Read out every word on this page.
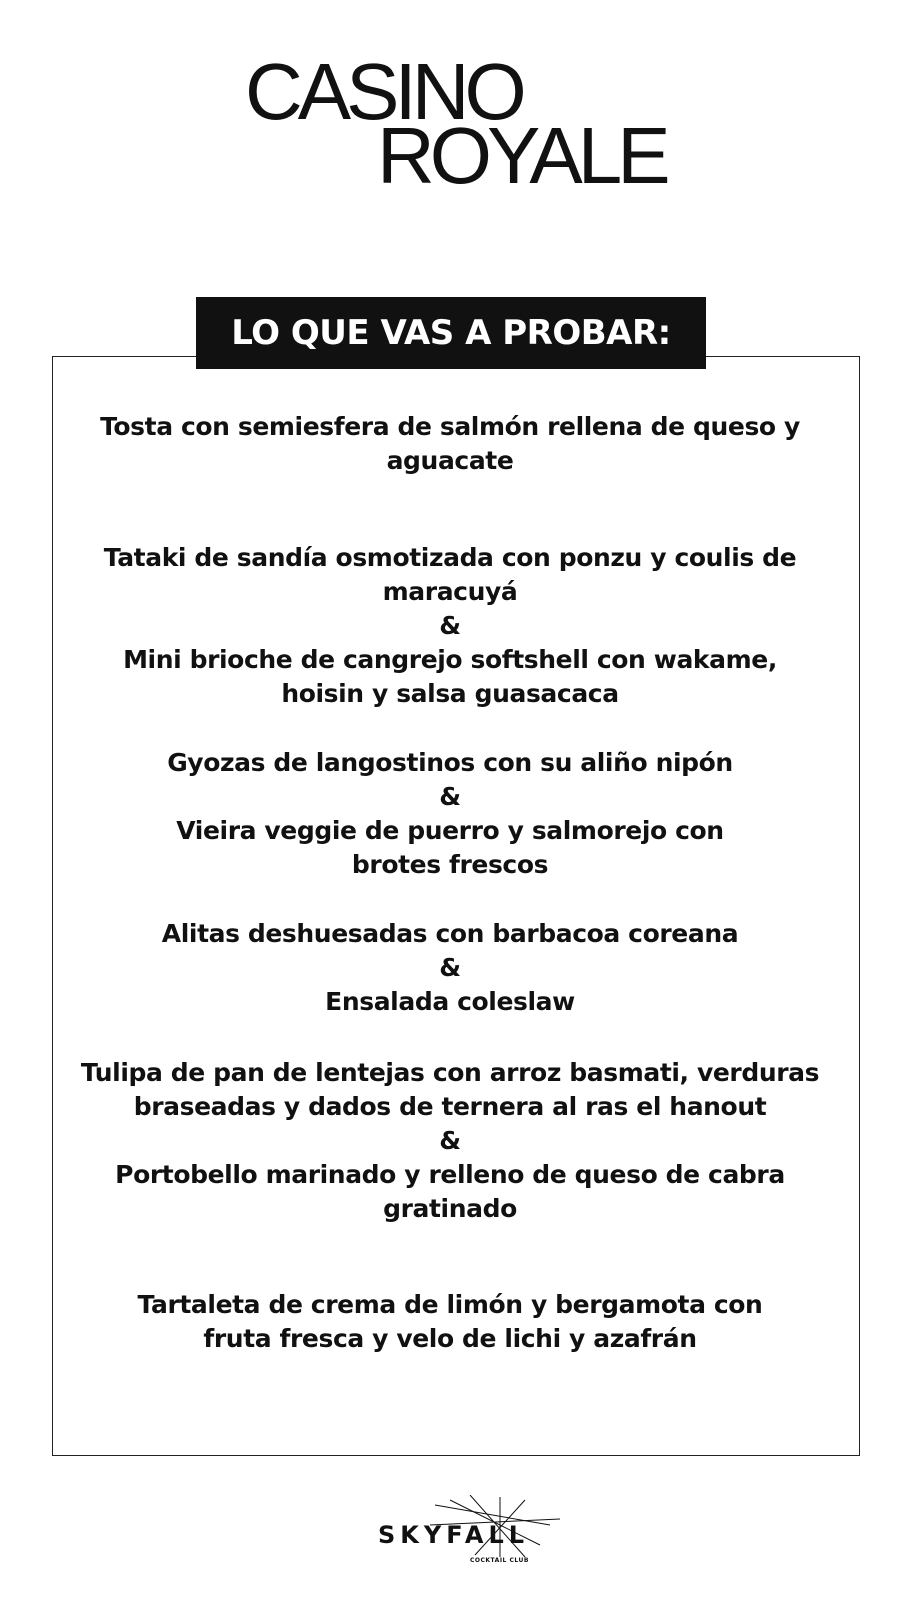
CASINO
ROYALE
LO QUE VAS A PROBAR:
Tosta con semiesfera de salmón rellena de queso y
aguacate
Tataki de sandía osmotizada con ponzu y coulis de
maracuyá
&
Mini brioche de cangrejo softshell con wakame,
hoisin y salsa guasacaca
Gyozas de langostinos con su aliño nipón
&
Vieira veggie de puerro y salmorejo con
brotes frescos
Alitas deshuesadas con barbacoa coreana
&
Ensalada coleslaw
Tulipa de pan de lentejas con arroz basmati, verduras
braseadas y dados de ternera al ras el hanout
&
Portobello marinado y relleno de queso de cabra
gratinado
Tartaleta de crema de limón y bergamota con
fruta fresca y velo de lichi y azafrán
SKYFALL
COCKTAIL CLUB
